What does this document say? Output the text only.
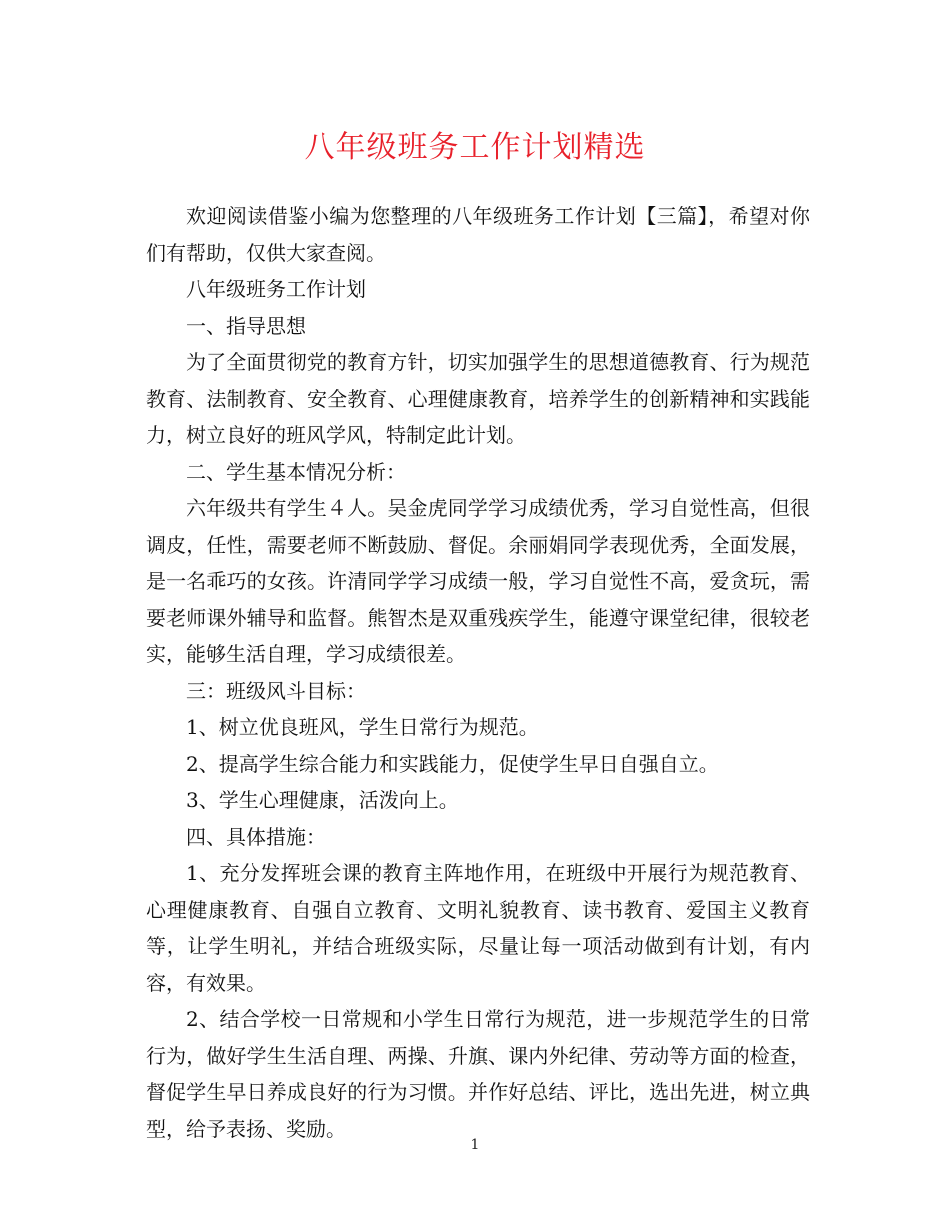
八年级班务工作计划精选

欢迎阅读借鉴小编为您整理的八年级班务工作计划【三篇】，希望对你们有帮助，仅供大家查阅。

八年级班务工作计划

一、指导思想

为了全面贯彻党的教育方针，切实加强学生的思想道德教育、行为规范教育、法制教育、安全教育、心理健康教育，培养学生的创新精神和实践能力，树立良好的班风学风，特制定此计划。

二、学生基本情况分析：

六年级共有学生４人。吴金虎同学学习成绩优秀，学习自觉性高，但很调皮，任性，需要老师不断鼓励、督促。余丽娟同学表现优秀，全面发展，是一名乖巧的女孩。许清同学学习成绩一般，学习自觉性不高，爱贪玩，需要老师课外辅导和监督。熊智杰是双重残疾学生，能遵守课堂纪律，很较老实，能够生活自理，学习成绩很差。

三：班级风斗目标：

1、树立优良班风，学生日常行为规范。

2、提高学生综合能力和实践能力，促使学生早日自强自立。

3、学生心理健康，活泼向上。

四、具体措施：

1、充分发挥班会课的教育主阵地作用，在班级中开展行为规范教育、心理健康教育、自强自立教育、文明礼貌教育、读书教育、爱国主义教育等，让学生明礼，并结合班级实际，尽量让每一项活动做到有计划，有内容，有效果。

2、结合学校一日常规和小学生日常行为规范，进一步规范学生的日常行为，做好学生生活自理、两操、升旗、课内外纪律、劳动等方面的检查，督促学生早日养成良好的行为习惯。并作好总结、评比，选出先进，树立典型，给予表扬、奖励。

1
